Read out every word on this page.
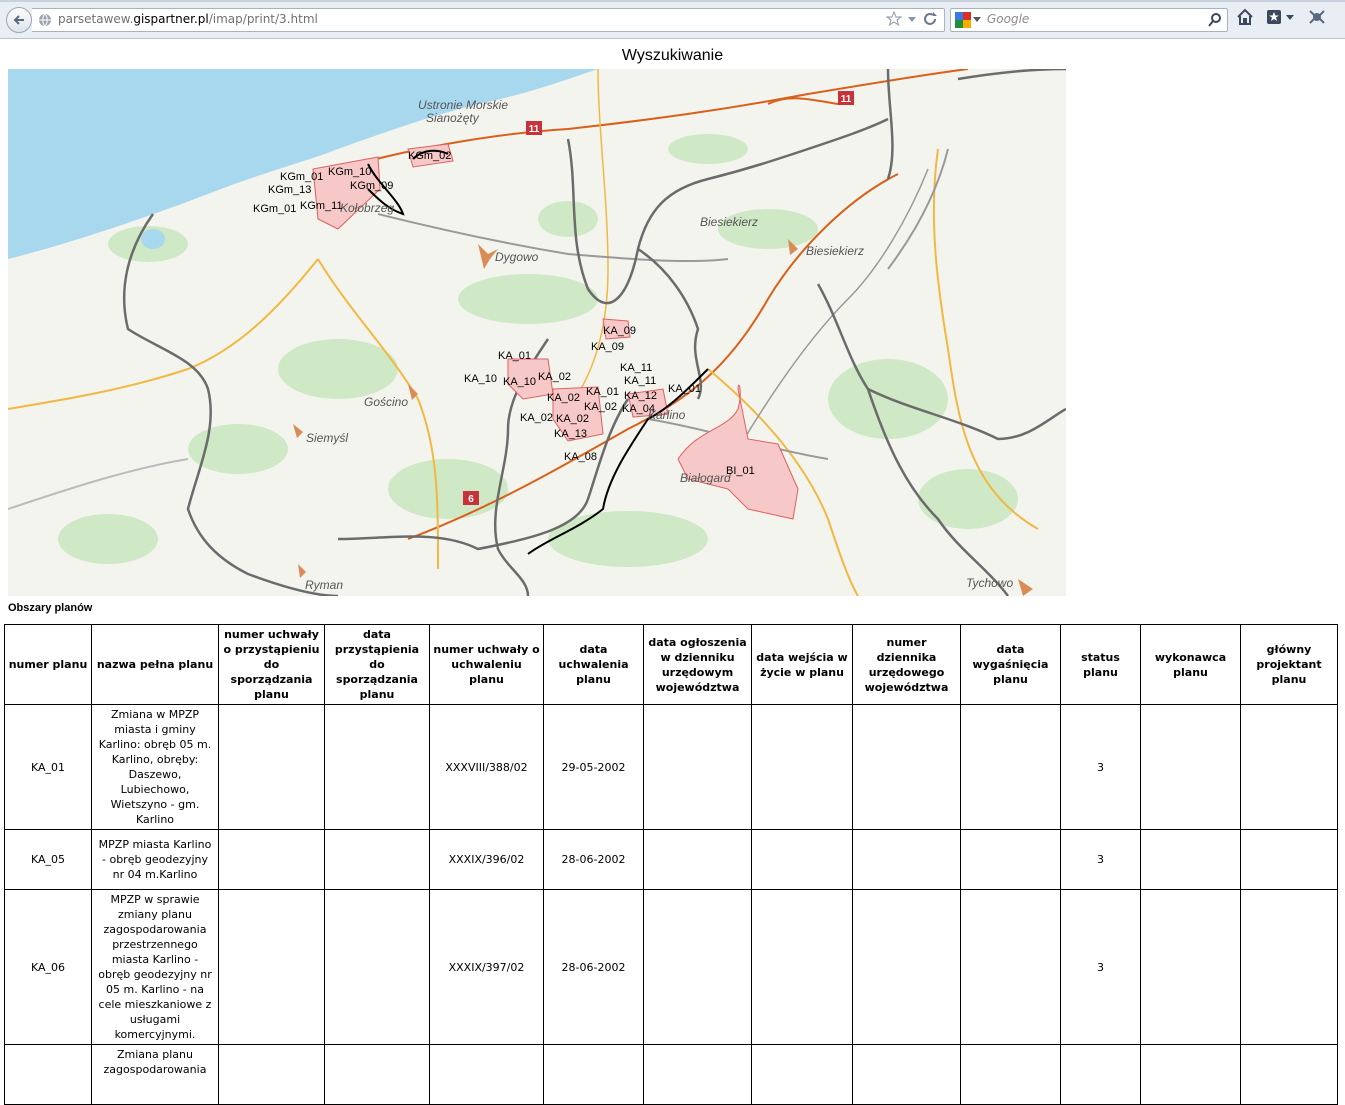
parsetawew.gispartner.pl/imap/print/3.html	Google
Wyszukiwanie
11
11
6
Ustronie Morskie
Sianożęty
Dygowo
Biesiekierz
Biesiekierz
Gościno
Siemyśl
Karlino
Białogard
Ryman	Tychowo
Kołobrzeg
KGm_02
KGm_10
KGm_01
KGm_09
KGm_13
KGm_01 KGm_11
KA_09
KA_09
KA_01
KA_10 KA_10 KA_02
KA_11
KA_11
KA_01	KA_01
KA_02
KA_02
KA_12
KA_04
KA_02 KA_02
KA_13
KA_08
BI_01
Obszary planów
numer planu	nazwa pełna planu	numer uchwały o przystąpieniu do sporządzania planu	data przystąpienia do sporządzania planu	numer uchwały o uchwaleniu planu	data uchwalenia planu	data ogłoszenia w dzienniku urzędowym województwa	data wejścia w życie w planu	numer dziennika urzędowego województwa	data wygaśnięcia planu	status planu	wykonawca planu	główny projektant planu
KA_01	Zmiana w MPZP miasta i gminy Karlino: obręb 05 m. Karlino, obręby: Daszewo, Lubiechowo, Wietszyno - gm. Karlino			XXXVIII/388/02	29-05-2002					3		
KA_05	MPZP miasta Karlino - obręb geodezyjny nr 04 m.Karlino			XXXIX/396/02	28-06-2002					3		
KA_06	MPZP w sprawie zmiany planu zagospodarowania przestrzennego miasta Karlino - obręb geodezyjny nr 05 m. Karlino - na cele mieszkaniowe z usługami komercyjnymi.			XXXIX/397/02	28-06-2002					3		
	Zmiana planu zagospodarowania											
